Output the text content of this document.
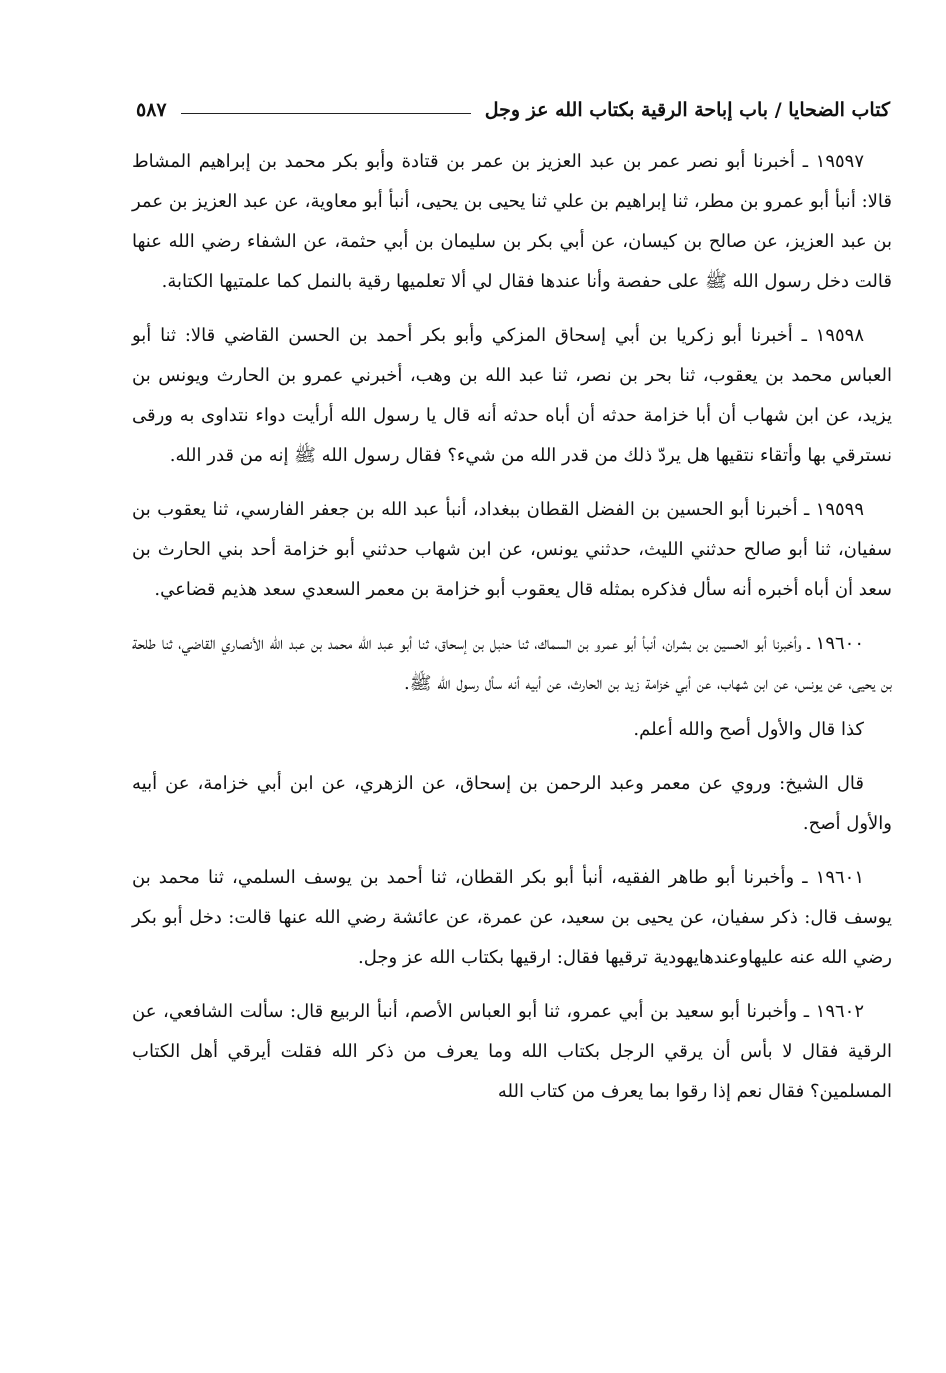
كتاب الضحايا / باب إباحة الرقية بكتاب الله عز وجل
٥٨٧

١٩٥٩٧ ـ أخبرنا أبو نصر عمر بن عبد العزيز بن عمر بن قتادة وأبو بكر محمد بن إبراهيم المشاط قالا: أنبأ أبو عمرو بن مطر، ثنا إبراهيم بن علي ثنا يحيى بن يحيى، أنبأ أبو معاوية، عن عبد العزيز بن عمر بن عبد العزيز، عن صالح بن كيسان، عن أبي بكر بن سليمان بن أبي حثمة، عن الشفاء رضي الله عنها قالت دخل رسول الله ﷺ على حفصة وأنا عندها فقال لي ألا تعلميها رقية بالنمل كما علمتيها الكتابة.

١٩٥٩٨ ـ أخبرنا أبو زكريا بن أبي إسحاق المزكي وأبو بكر أحمد بن الحسن القاضي قالا: ثنا أبو العباس محمد بن يعقوب، ثنا بحر بن نصر، ثنا عبد الله بن وهب، أخبرني عمرو بن الحارث ويونس بن يزيد، عن ابن شهاب أن أبا خزامة حدثه أن أباه حدثه أنه قال يا رسول الله أرأيت دواء نتداوى به ورقى نسترقي بها وأتقاء نتقيها هل يردّ ذلك من قدر الله من شيء؟ فقال رسول الله ﷺ إنه من قدر الله.

١٩٥٩٩ ـ أخبرنا أبو الحسين بن الفضل القطان ببغداد، أنبأ عبد الله بن جعفر الفارسي، ثنا يعقوب بن سفيان، ثنا أبو صالح حدثني الليث، حدثني يونس، عن ابن شهاب حدثني أبو خزامة أحد بني الحارث بن سعد أن أباه أخبره أنه سأل فذكره بمثله قال يعقوب أبو خزامة بن معمر السعدي سعد هذيم قضاعي.

١٩٦٠٠ ـ وأخبرنا أبو الحسين بن بشران، أنبأ أبو عمرو بن السماك، ثنا حنبل بن إسحاق، ثنا أبو عبد الله محمد بن عبد الله الأنصاري القاضي، ثنا طلحة بن يحيى، عن يونس، عن ابن شهاب، عن أبي خزامة زيد بن الحارث، عن أبيه أنه سأل رسول الله ﷺ.

كذا قال والأول أصح والله أعلم.

قال الشيخ: وروي عن معمر وعبد الرحمن بن إسحاق، عن الزهري، عن ابن أبي خزامة، عن أبيه والأول أصح.

١٩٦٠١ ـ وأخبرنا أبو طاهر الفقيه، أنبأ أبو بكر القطان، ثنا أحمد بن يوسف السلمي، ثنا محمد بن يوسف قال: ذكر سفيان، عن يحيى بن سعيد، عن عمرة، عن عائشة رضي الله عنها قالت: دخل أبو بكر رضي الله عنه عليهاوعندهايهودية ترقيها فقال: ارقيها بكتاب الله عز وجل.

١٩٦٠٢ ـ وأخبرنا أبو سعيد بن أبي عمرو، ثنا أبو العباس الأصم، أنبأ الربيع قال: سألت الشافعي، عن الرقية فقال لا بأس أن يرقي الرجل بكتاب الله وما يعرف من ذكر الله فقلت أيرقي أهل الكتاب المسلمين؟ فقال نعم إذا رقوا بما يعرف من كتاب الله
